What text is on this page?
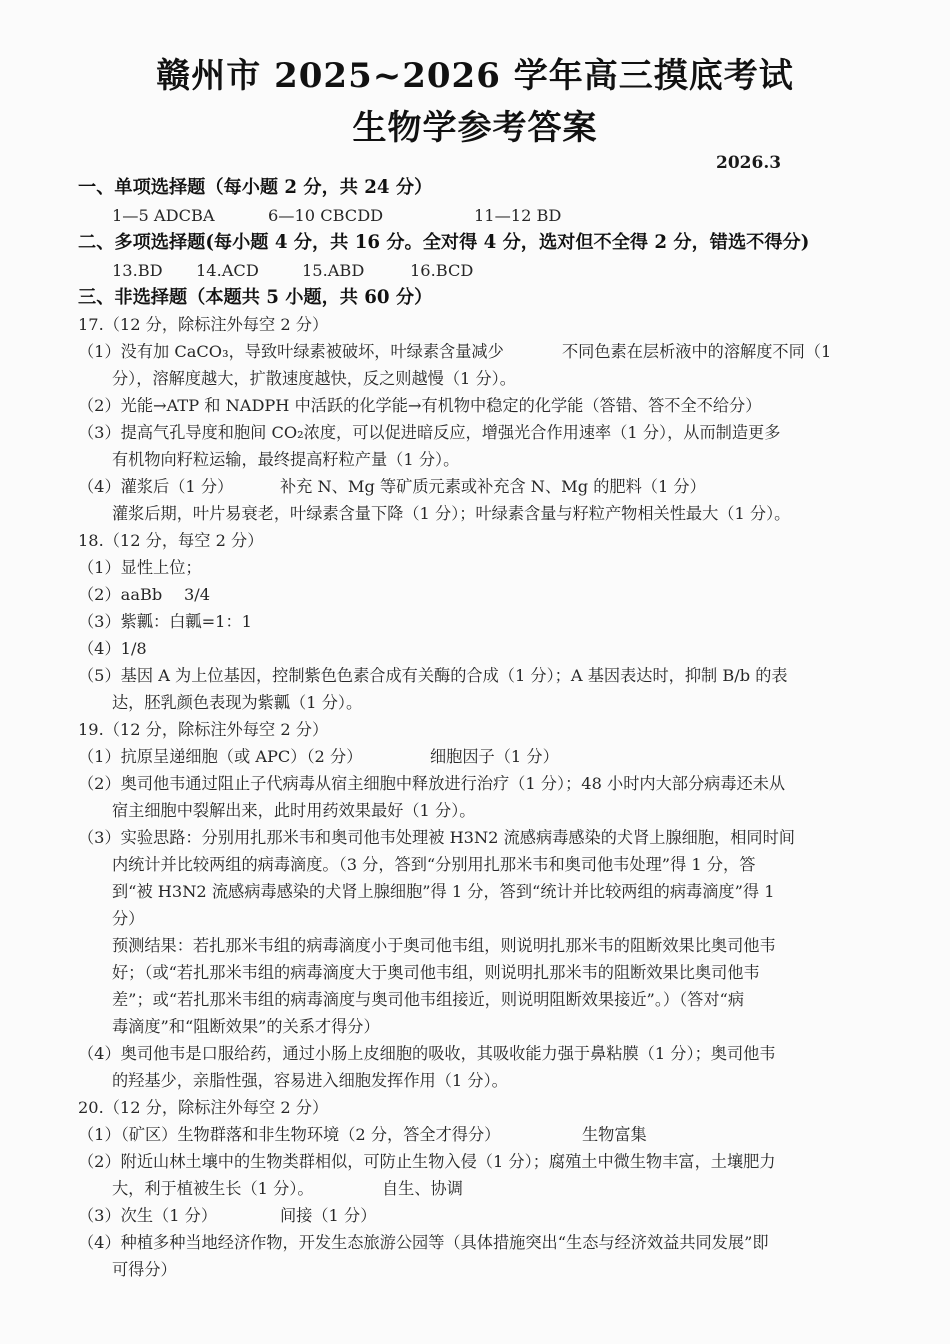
赣州市 2025~2026 学年高三摸底考试
生物学参考答案
2026.3
一、单项选择题（每小题 2 分，共 24 分）
1—5 ADCBA	6—10 CBCDD	11—12 BD
二、多项选择题(每小题 4 分，共 16 分。全对得 4 分，选对但不全得 2 分，错选不得分)
13.BD 14.ACD	15.ABD	16.BCD
三、非选择题（本题共 5 小题，共 60 分）
17.（12 分，除标注外每空 2 分）
（1）没有加 CaCO₃，导致叶绿素被破坏，叶绿素含量减少	不同色素在层析液中的溶解度不同（1
分），溶解度越大，扩散速度越快，反之则越慢（1 分）。
（2）光能→ATP 和 NADPH 中活跃的化学能→有机物中稳定的化学能（答错、答不全不给分）
（3）提高气孔导度和胞间 CO₂浓度，可以促进暗反应，增强光合作用速率（1 分），从而制造更多
有机物向籽粒运输，最终提高籽粒产量（1 分）。
（4）灌浆后（1 分）	补充 N、Mg 等矿质元素或补充含 N、Mg 的肥料（1 分）
灌浆后期，叶片易衰老，叶绿素含量下降（1 分）；叶绿素含量与籽粒产物相关性最大（1 分）。
18.（12 分，每空 2 分）
（1）显性上位；
（2）aaBb 3/4
（3）紫瓤：白瓤=1：1
（4）1/8
（5）基因 A 为上位基因，控制紫色色素合成有关酶的合成（1 分）；A 基因表达时，抑制 B/b 的表
达，胚乳颜色表现为紫瓤（1 分）。
19.（12 分，除标注外每空 2 分）
（1）抗原呈递细胞（或 APC）（2 分）	细胞因子（1 分）
（2）奥司他韦通过阻止子代病毒从宿主细胞中释放进行治疗（1 分）；48 小时内大部分病毒还未从
宿主细胞中裂解出来，此时用药效果最好（1 分）。
（3）实验思路：分别用扎那米韦和奥司他韦处理被 H3N2 流感病毒感染的犬肾上腺细胞，相同时间
内统计并比较两组的病毒滴度。（3 分，答到“分别用扎那米韦和奥司他韦处理”得 1 分，答
到“被 H3N2 流感病毒感染的犬肾上腺细胞”得 1 分，答到“统计并比较两组的病毒滴度”得 1
分）
预测结果：若扎那米韦组的病毒滴度小于奥司他韦组，则说明扎那米韦的阻断效果比奥司他韦
好；（或“若扎那米韦组的病毒滴度大于奥司他韦组，则说明扎那米韦的阻断效果比奥司他韦
差”；或“若扎那米韦组的病毒滴度与奥司他韦组接近，则说明阻断效果接近”。）（答对“病
毒滴度”和“阻断效果”的关系才得分）
（4）奥司他韦是口服给药，通过小肠上皮细胞的吸收，其吸收能力强于鼻粘膜（1 分）；奥司他韦
的羟基少，亲脂性强，容易进入细胞发挥作用（1 分）。
20.（12 分，除标注外每空 2 分）
（1）（矿区）生物群落和非生物环境（2 分，答全才得分）	生物富集
（2）附近山林土壤中的生物类群相似，可防止生物入侵（1 分）；腐殖土中微生物丰富，土壤肥力
大，利于植被生长（1 分）。	自生、协调
（3）次生（1 分）	间接（1 分）
（4）种植多种当地经济作物，开发生态旅游公园等（具体措施突出“生态与经济效益共同发展”即
可得分）
